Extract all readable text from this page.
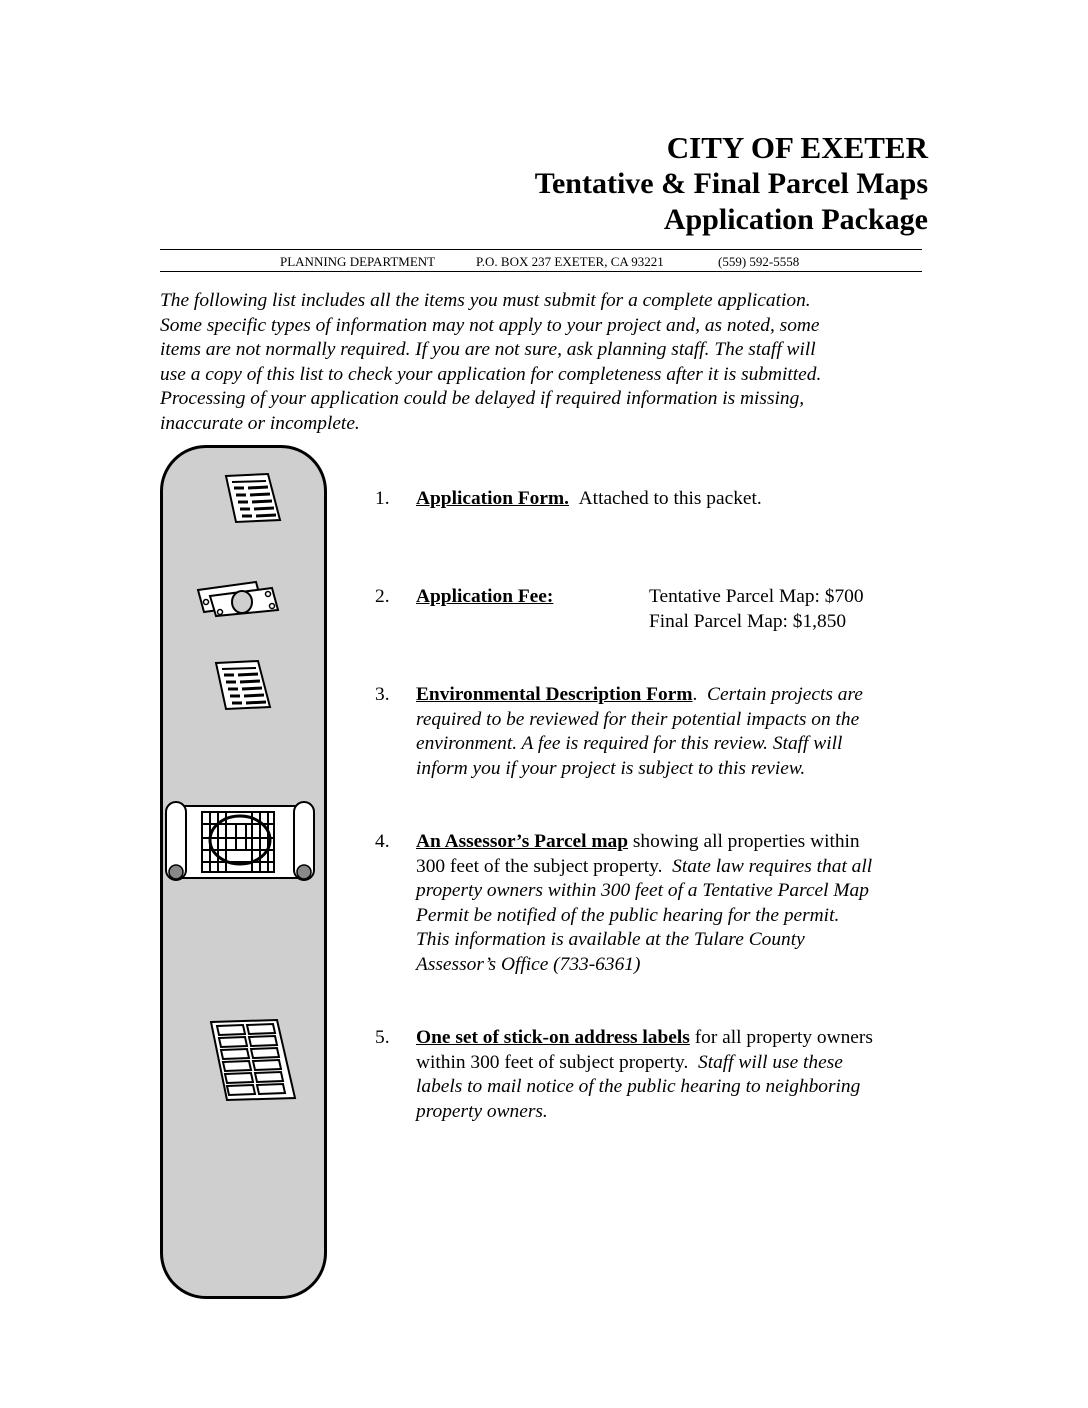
CITY OF EXETER
Tentative & Final Parcel Maps
Application Package
PLANNING DEPARTMENT	P.O. BOX 237 EXETER, CA 93221	(559) 592-5558
The following list includes all the items you must submit for a complete application.
Some specific types of information may not apply to your project and, as noted, some
items are not normally required. If you are not sure, ask planning staff. The staff will
use a copy of this list to check your application for completeness after it is submitted.
Processing of your application could be delayed if required information is missing,
inaccurate or incomplete.
1. Application Form. Attached to this packet.
2. Application Fee:	Tentative Parcel Map: $700
Final Parcel Map: $1,850
3. Environmental Description Form. Certain projects are
required to be reviewed for their potential impacts on the
environment. A fee is required for this review. Staff will
inform you if your project is subject to this review.
4. An Assessor’s Parcel map showing all properties within
300 feet of the subject property. State law requires that all
property owners within 300 feet of a Tentative Parcel Map
Permit be notified of the public hearing for the permit.
This information is available at the Tulare County
Assessor’s Office (733-6361)
5. One set of stick-on address labels for all property owners
within 300 feet of subject property. Staff will use these
labels to mail notice of the public hearing to neighboring
property owners.
